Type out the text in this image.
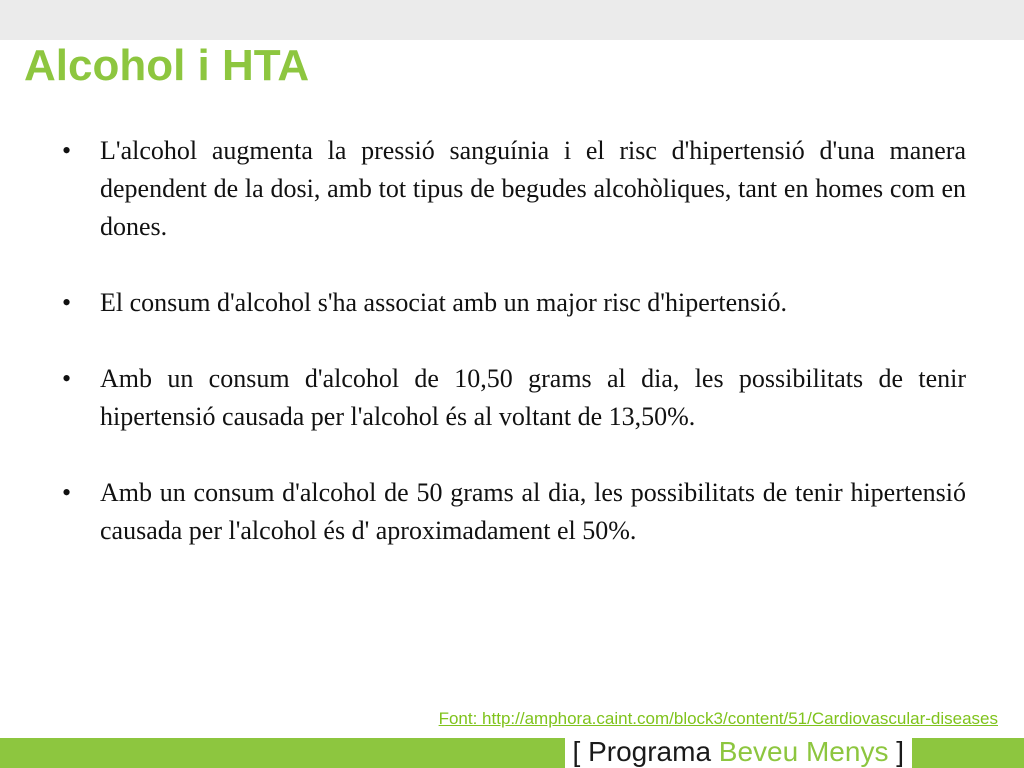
Alcohol i HTA
•	L'alcohol augmenta la pressió sanguínia i el risc d'hipertensió d'una manera dependent de la dosi, amb tot tipus de begudes alcohòliques, tant en homes com en dones.
•	El consum d'alcohol s'ha associat amb un major risc d'hipertensió.
•	Amb un consum d'alcohol de 10,50 grams al dia, les possibilitats de tenir hipertensió causada per l'alcohol és al voltant de 13,50%.
•	Amb un consum d'alcohol de 50 grams al dia, les possibilitats de tenir hipertensió causada per l'alcohol és d' aproximadament el 50%.
Font: http://amphora.caint.com/block3/content/51/Cardiovascular-diseases
[ Programa Beveu Menys ]
